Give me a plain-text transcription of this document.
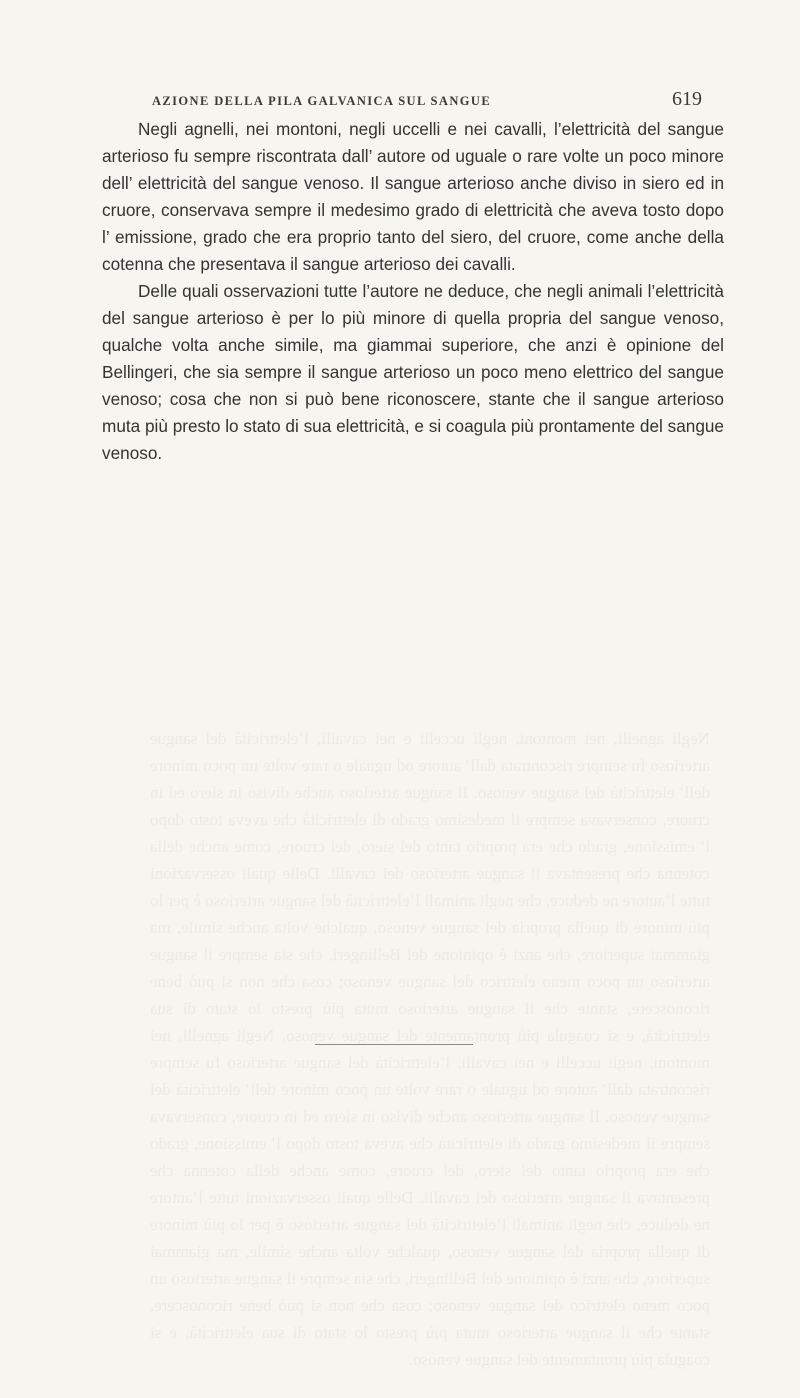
AZIONE DELLA PILA GALVANICA SUL SANGUE	619

Negli agnelli, nei montoni, negli uccelli e nei cavalli, l’elettricità del sangue arterioso fu sempre riscontrata dall’ autore od uguale o rare volte un poco minore dell’ elettricità del sangue venoso. Il sangue arterioso anche diviso in siero ed in cruore, conservava sempre il medesimo grado di elettricità che aveva tosto dopo l’ emissione, grado che era proprio tanto del siero, del cruore, come anche della cotenna che presentava il sangue arterioso dei cavalli.

Delle quali osservazioni tutte l’autore ne deduce, che negli animali l’elettricità del sangue arterioso è per lo più minore di quella propria del sangue venoso, qualche volta anche simile, ma giammai superiore, che anzi è opinione del Bellingeri, che sia sempre il sangue arterioso un poco meno elettrico del sangue venoso; cosa che non si può bene riconoscere, stante che il sangue arterioso muta più presto lo stato di sua elettricità, e si coagula più prontamente del sangue venoso.

Negli agnelli, nei montoni, negli uccelli e nei cavalli, l’elettricità del sangue arterioso fu sempre riscontrata dall’ autore od uguale o rare volte un poco minore dell’ elettricità del sangue venoso. Il sangue arterioso anche diviso in siero ed in cruore, conservava sempre il medesimo grado di elettricità che aveva tosto dopo l’ emissione, grado che era proprio tanto del siero, del cruore, come anche della cotenna che presentava il sangue arterioso dei cavalli. Delle quali osservazioni tutte l’autore ne deduce, che negli animali l’elettricità del sangue arterioso è per lo più minore di quella propria del sangue venoso, qualche volta anche simile, ma giammai superiore, che anzi è opinione del Bellingeri, che sia sempre il sangue arterioso un poco meno elettrico del sangue venoso; cosa che non si può bene riconoscere, stante che il sangue arterioso muta più presto lo stato di sua elettricità, e si coagula più prontamente del sangue venoso. Negli agnelli, nei montoni, negli uccelli e nei cavalli, l’elettricità del sangue arterioso fu sempre riscontrata dall’ autore od uguale o rare volte un poco minore dell’ elettricità del sangue venoso. Il sangue arterioso anche diviso in siero ed in cruore, conservava sempre il medesimo grado di elettricità che aveva tosto dopo l’ emissione, grado che era proprio tanto del siero, del cruore, come anche della cotenna che presentava il sangue arterioso dei cavalli. Delle quali osservazioni tutte l’autore ne deduce, che negli animali l’elettricità del sangue arterioso è per lo più minore di quella propria del sangue venoso, qualche volta anche simile, ma giammai superiore, che anzi è opinione del Bellingeri, che sia sempre il sangue arterioso un poco meno elettrico del sangue venoso; cosa che non si può bene riconoscere, stante che il sangue arterioso muta più presto lo stato di sua elettricità, e si coagula più prontamente del sangue venoso.
